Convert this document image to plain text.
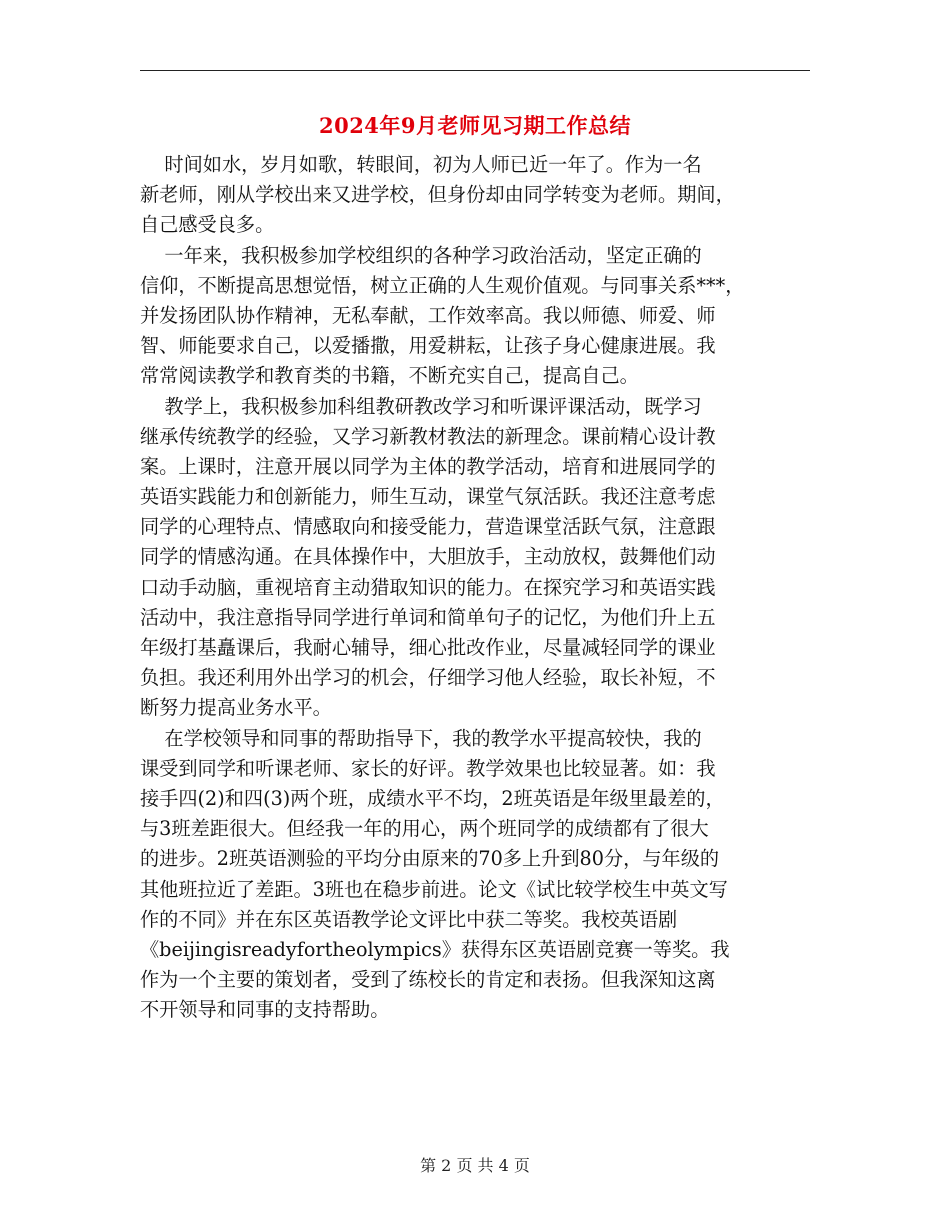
2024年9月老师见习期工作总结
时间如水，岁月如歌，转眼间，初为人师已近一年了。作为一名
新老师，刚从学校出来又进学校，但身份却由同学转变为老师。期间，
自己感受良多。
一年来，我积极参加学校组织的各种学习政治活动，坚定正确的
信仰，不断提高思想觉悟，树立正确的人生观价值观。与同事关系***，
并发扬团队协作精神，无私奉献，工作效率高。我以师德、师爱、师
智、师能要求自己，以爱播撒，用爱耕耘，让孩子身心健康进展。我
常常阅读教学和教育类的书籍，不断充实自己，提高自己。
教学上，我积极参加科组教研教改学习和听课评课活动，既学习
继承传统教学的经验，又学习新教材教法的新理念。课前精心设计教
案。上课时，注意开展以同学为主体的教学活动，培育和进展同学的
英语实践能力和创新能力，师生互动，课堂气氛活跃。我还注意考虑
同学的心理特点、情感取向和接受能力，营造课堂活跃气氛，注意跟
同学的情感沟通。在具体操作中，大胆放手，主动放权，鼓舞他们动
口动手动脑，重视培育主动猎取知识的能力。在探究学习和英语实践
活动中，我注意指导同学进行单词和简单句子的记忆，为他们升上五
年级打基矗课后，我耐心辅导，细心批改作业，尽量减轻同学的课业
负担。我还利用外出学习的机会，仔细学习他人经验，取长补短，不
断努力提高业务水平。
在学校领导和同事的帮助指导下，我的教学水平提高较快，我的
课受到同学和听课老师、家长的好评。教学效果也比较显著。如：我
接手四(2)和四(3)两个班，成绩水平不均，2班英语是年级里最差的，
与3班差距很大。但经我一年的用心，两个班同学的成绩都有了很大
的进步。2班英语测验的平均分由原来的70多上升到80分，与年级的
其他班拉近了差距。3班也在稳步前进。论文《试比较学校生中英文写
作的不同》并在东区英语教学论文评比中获二等奖。我校英语剧
《beijingisreadyfortheolympics》获得东区英语剧竞赛一等奖。我
作为一个主要的策划者，受到了练校长的肯定和表扬。但我深知这离
不开领导和同事的支持帮助。
第 2 页 共 4 页
